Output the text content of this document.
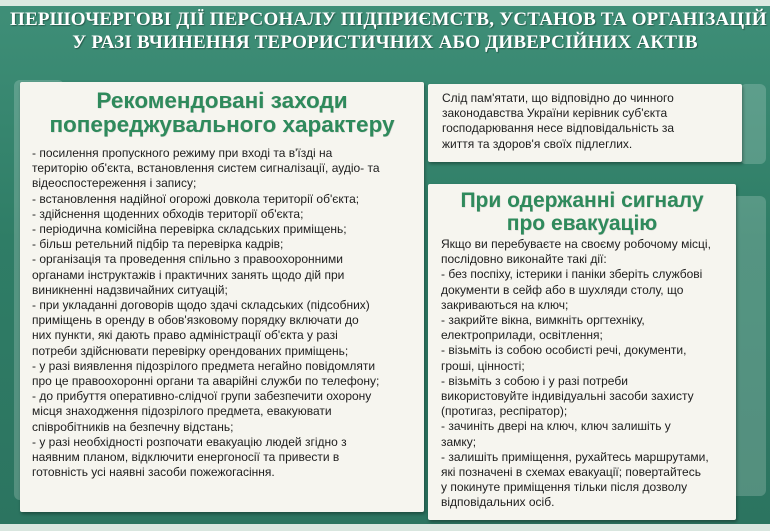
ПЕРШОЧЕРГОВІ ДІЇ ПЕРСОНАЛУ ПІДПРИЄМСТВ, УСТАНОВ ТА ОРГАНІЗАЦІЙ
У РАЗІ ВЧИНЕННЯ ТЕРОРИСТИЧНИХ АБО ДИВЕРСІЙНИХ АКТІВ
Рекомендовані заходи
попереджувального характеру
- посилення пропускного режиму при вході та в'їзді на
територію об'єкта, встановлення систем сигналізації, аудіо- та
відеоспостереження і запису;
- встановлення надійної огорожі довкола території об'єкта;
- здійснення щоденних обходів території об'єкта;
- періодична комісійна перевірка складських приміщень;
- більш ретельний підбір та перевірка кадрів;
- організація та проведення спільно з правоохоронними
органами інструктажів і практичних занять щодо дій при
виникненні надзвичайних ситуацій;
- при укладанні договорів щодо здачі складських (підсобних)
приміщень в оренду в обов'язковому порядку включати до
них пункти, які дають право адміністрації об'єкта у разі
потреби здійснювати перевірку орендованих приміщень;
- у разі виявлення підозрілого предмета негайно повідомляти
про це правоохоронні органи та аварійні служби по телефону;
- до прибуття оперативно-слідчої групи забезпечити охорону
місця знаходження підозрілого предмета, евакуювати
співробітників на безпечну відстань;
- у разі необхідності розпочати евакуацію людей згідно з
наявним планом, відключити енергоносії та привести в
готовність усі наявні засоби пожежогасіння.
Слід пам'ятати, що відповідно до чинного
законодавства України керівник суб'єкта
господарювання несе відповідальність за
життя та здоров'я своїх підлеглих.
При одержанні сигналу
про евакуацію
Якщо ви перебуваєте на своєму робочому місці,
послідовно виконайте такі дії:
- без поспіху, істерики і паніки зберіть службові
документи в сейф або в шухляди столу, що
закриваються на ключ;
- закрийте вікна, вимкніть оргтехніку,
електроприлади, освітлення;
- візьміть із собою особисті речі, документи,
гроші, цінності;
- візьміть з собою і у разі потреби
використовуйте індивідуальні засоби захисту
(протигаз, респіратор);
- зачиніть двері на ключ, ключ залишіть у
замку;
- залишіть приміщення, рухайтесь маршрутами,
які позначені в схемах евакуації; повертайтесь
у покинуте приміщення тільки після дозволу
відповідальних осіб.
